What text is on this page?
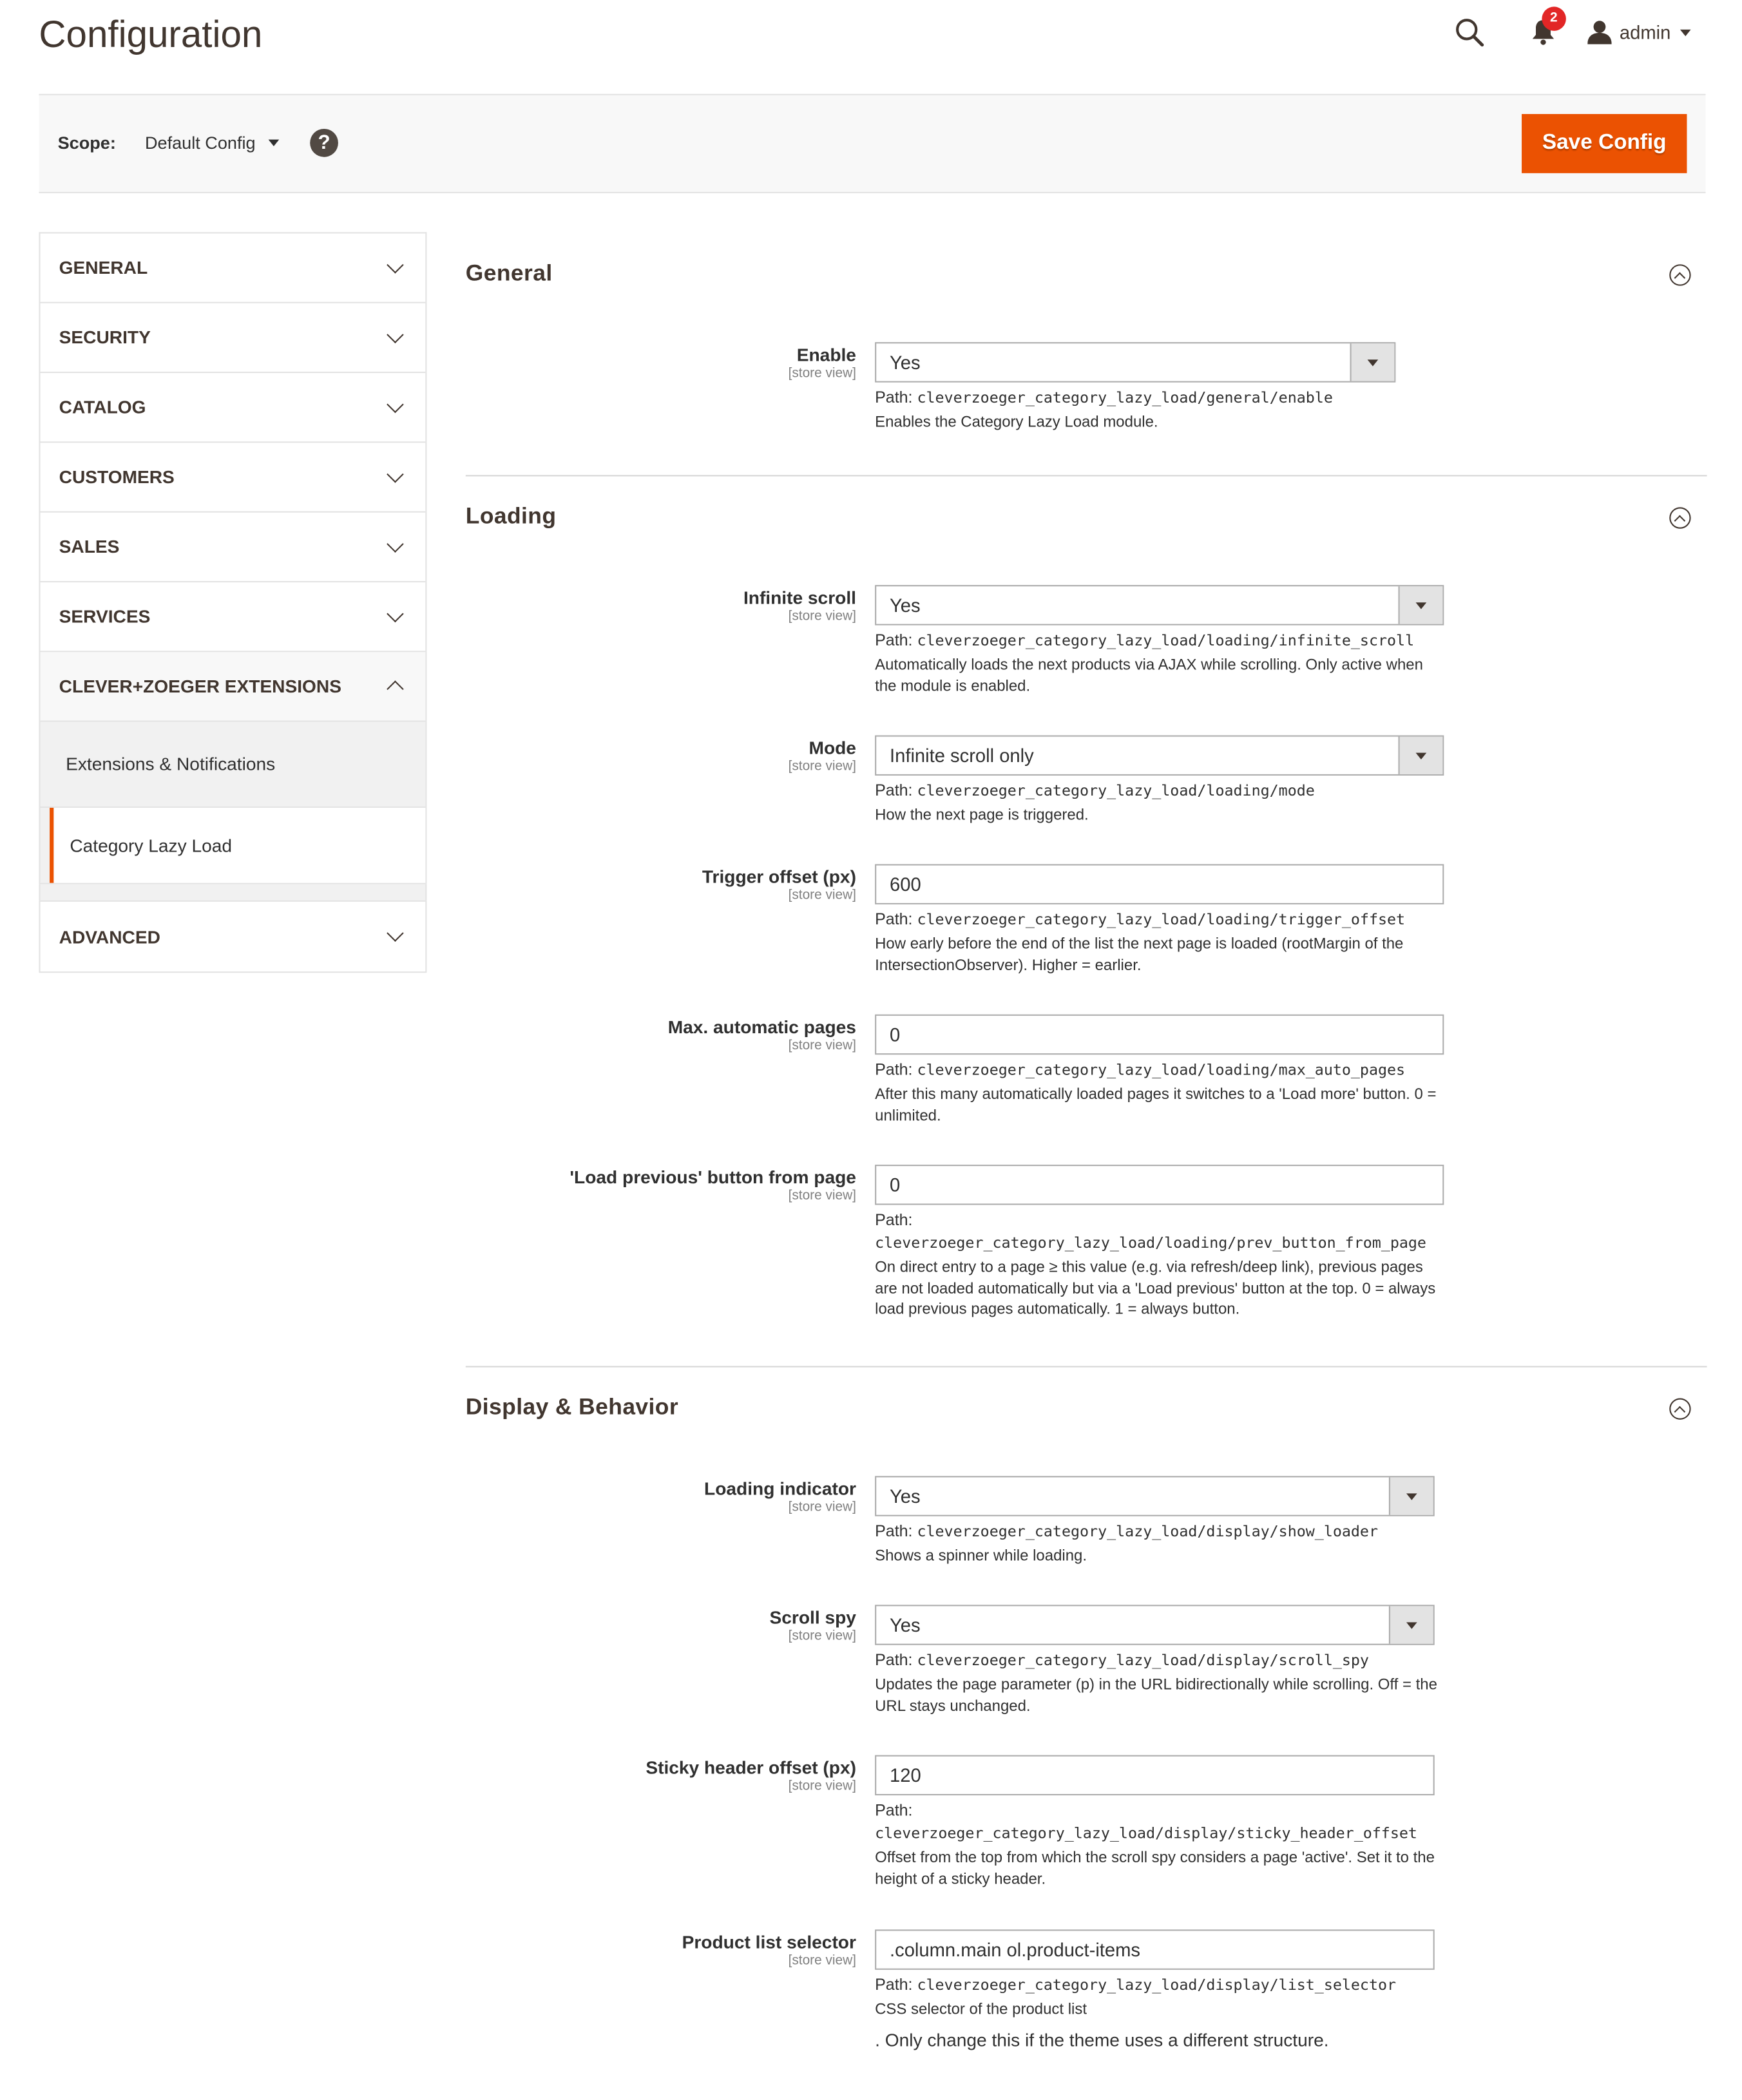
Configuration	2
admin
Scope:	Default Config	?	Save Config
GENERAL
SECURITY
CATALOG
CUSTOMERS
SALES
SERVICES
CLEVER+ZOEGER EXTENSIONS
Extensions & Notifications
Category Lazy Load
ADVANCED
General
Enable
[store view]
Yes
Path: cleverzoeger_category_lazy_load/general/enable
Enables the Category Lazy Load module.
Loading
Infinite scroll
[store view]
Yes
Path: cleverzoeger_category_lazy_load/loading/infinite_scroll
Automatically loads the next products via AJAX while scrolling. Only active when the module is enabled.
Mode
[store view]
Infinite scroll only
Path: cleverzoeger_category_lazy_load/loading/mode
How the next page is triggered.
Trigger offset (px)
[store view]
600
Path: cleverzoeger_category_lazy_load/loading/trigger_offset
How early before the end of the list the next page is loaded (rootMargin of the IntersectionObserver). Higher = earlier.
Max. automatic pages
[store view]
0
Path: cleverzoeger_category_lazy_load/loading/max_auto_pages
After this many automatically loaded pages it switches to a 'Load more' button. 0 = unlimited.
'Load previous' button from page
[store view]
0
Path:
cleverzoeger_category_lazy_load/loading/prev_button_from_page
On direct entry to a page ≥ this value (e.g. via refresh/deep link), previous pages are not loaded automatically but via a 'Load previous' button at the top. 0 = always load previous pages automatically. 1 = always button.
Display & Behavior
Loading indicator
[store view]
Yes
Path: cleverzoeger_category_lazy_load/display/show_loader
Shows a spinner while loading.
Scroll spy
[store view]
Yes
Path: cleverzoeger_category_lazy_load/display/scroll_spy
Updates the page parameter (p) in the URL bidirectionally while scrolling. Off = the URL stays unchanged.
Sticky header offset (px)
[store view]
120
Path:
cleverzoeger_category_lazy_load/display/sticky_header_offset
Offset from the top from which the scroll spy considers a page 'active'. Set it to the height of a sticky header.
Product list selector
[store view]
.column.main ol.product-items
Path: cleverzoeger_category_lazy_load/display/list_selector
CSS selector of the product list
. Only change this if the theme uses a different structure.
